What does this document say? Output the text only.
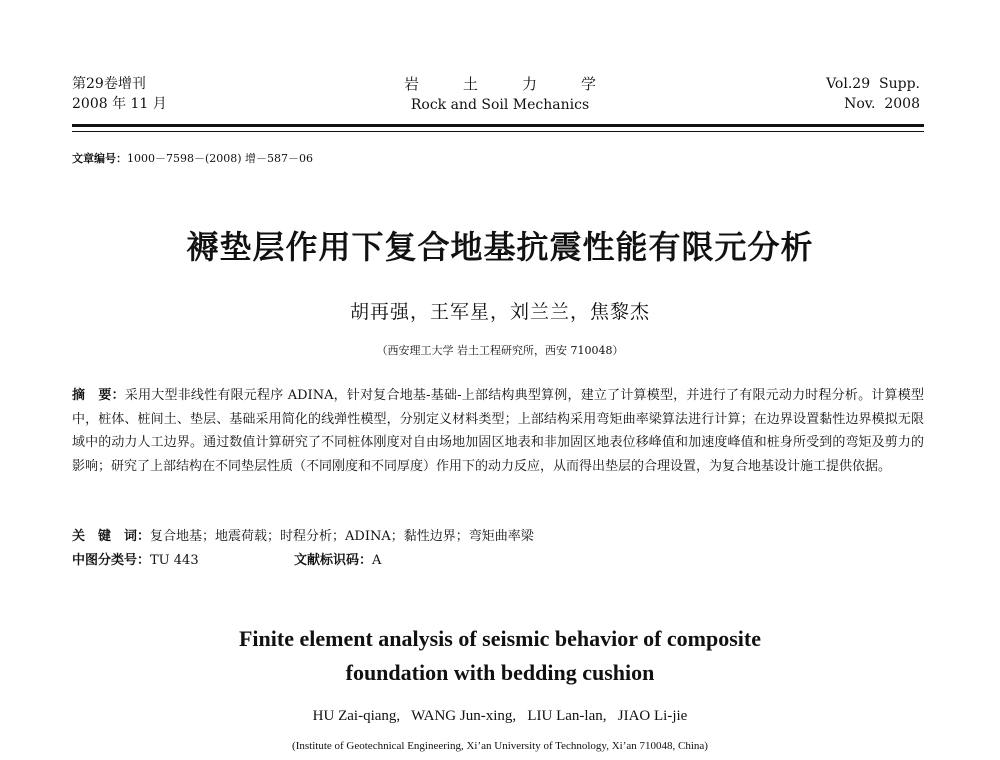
第29卷增刊
2008 年 11 月
岩	土	力	学
Rock and Soil Mechanics
Vol.29  Supp.
Nov.  2008
文章编号：1000－7598－(2008) 增－587－06
褥垫层作用下复合地基抗震性能有限元分析
胡再强，王军星，刘兰兰，焦黎杰
（西安理工大学 岩土工程研究所，西安 710048）
摘　要：采用大型非线性有限元程序 ADINA，针对复合地基-基础-上部结构典型算例，建立了计算模型，并进行了有限元动力时程分析。计算模型中，桩体、桩间土、垫层、基础采用简化的线弹性模型，分别定义材料类型；上部结构采用弯矩曲率梁算法进行计算；在边界设置黏性边界模拟无限域中的动力人工边界。通过数值计算研究了不同桩体刚度对自由场地加固区地表和非加固区地表位移峰值和加速度峰值和桩身所受到的弯矩及剪力的影响；研究了上部结构在不同垫层性质（不同刚度和不同厚度）作用下的动力反应，从而得出垫层的合理设置，为复合地基设计施工提供依据。
关　键　词：复合地基；地震荷载；时程分析；ADINA；黏性边界；弯矩曲率梁
中图分类号：TU 443	文献标识码：A
Finite element analysis of seismic behavior of composite
foundation with bedding cushion
HU Zai-qiang,   WANG Jun-xing,   LIU Lan-lan,   JIAO Li-jie
(Institute of Geotechnical Engineering, Xi’an University of Technology, Xi’an 710048, China)
